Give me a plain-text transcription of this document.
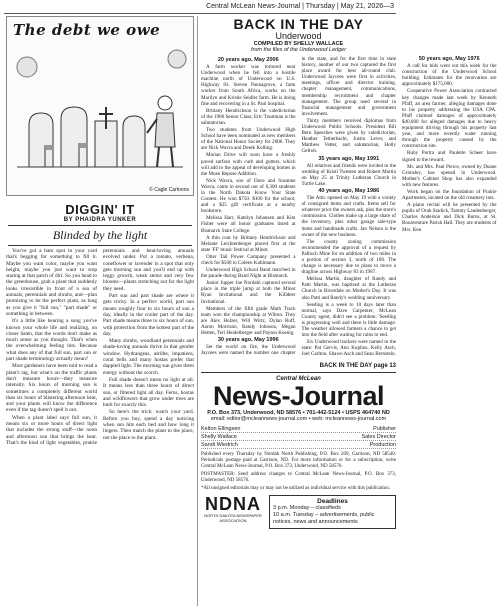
Central McLean News-Journal | Thursday | May 21, 2026—3
The debt we owe
© Cagle Cartoons
DIGGIN' IT
BY PHAIDRA YUNKER
Blinded by the light

You've got a bare spot in your yard that's begging for something to fill it. Maybe you want color, maybe you want height, maybe you just want to stop staring at that patch of dirt. So you head to the greenhouse, grab a plant that suddenly looks irresistible in front of a sea of annuals, perennials and shrubs, and—plan promising to be the perfect plant, as long as you give it "full sun," "part shade" or something in between.

It's a little like hearing a song you've known your whole life and realizing, on closer listen, that the words don't make as much sense as you thought. That's when the overwhelming feeling hits. Because what does any of that full sun, part sun or part shade terminology actually mean?

Most gardeners have been told to read a plant's tag, but what's on the traffic plants don't measure hours—they measure intensity. Six hours of morning sun is sometimes a completely different world than six hours of blistering afternoon heat, and your plants will know the difference even if the tag doesn't spell it out.

When a plant label says full sun, it means six or more hours of direct light that includes the strong stuff—the noon and afternoon sun that brings the heat. That's the kind of light vegetables, prairie perennials and heat-loving annuals evolved under. Put a tomato, verbena, coneflower or lavender in a spot that only gets morning sun and you'll end up with leggy growth, weak stems and very few blooms—plants stretching out for the light they need.

Part sun and part shade are where it gets tricky. In a perfect world, part sun means roughly four to six hours of sun a day, ideally in the cooler part of the day. Part shade means three to six hours of sun, with protection from the hottest part of the day.

Many shrubs, woodland perennials and shade-loving annuals thrive in that gentler window. Hydrangeas, astilbe, impatiens, coral bells and many hostas prefer that dappled light. The morning sun gives them energy without the scorch.

Full shade doesn't mean no light at all. It means less than three hours of direct sun, or filtered light all day. Ferns, hostas and wildflowers that grow under trees are built for exactly this.

So here's the trick: watch your yard. Before you buy, spend a day noticing when sun hits each bed and how long it lingers. Then match the plant to the place, not the place to the plant.

BACK IN THE DAY
Underwood
COMPILED BY SHELLY WALLACE
from the files of the Underwood Ledger
20 years ago, May 2006

A farm worker was tortured near Underwood when he fell into a hostile machine north of Underwood on U.S. Highway 83. Steven Pannagrove, a farm worker from South Africa, works on the Marilyn and Kristie Seidler farm. He is doing fine and recovering in a St. Paul hospital.

Brittany Hendrickson is the valedictorian of the 1986 Senior Class; Eric Trautman is the salutatorian.

Two students from Underwood High School have been nominated as new members of the National Honor Society for 2006. They are Nick Wavra and Derek Kolling.

Marian Drive will soon have a freshly paved surface with curb and gutters, which will add to the appeal of developing homes in the Moen Repose Addition.

Nick Wavra, son of Dave and Suzanne Wavra, came in second out of 6,300 students in the North Dakota Know Your State Contest. He won $750. $100 for the school, and a $25 gift certificate at a nearby bookstore.

Melissa Harr, Katelyn Johansen and Kim Fisher were all honor graduates listed at Bismarck State College.

A thin coat by Brittany Hendrickson and Melanie Leichtenberger placed first at the state 'FF' music festival at Minot.

Otter Tail Power Company presented a check for $500 to Coleen Kuhlmann.

Underwood High School Band marched in the parade during Band Night at Bismarck.

Junior Jupper Joe Nordahl captured second place in the triple jump at both the Minot Ryan Invitational and the Killdeer Invitational.

Members of the fifth grade Math Track team won the championship at Wilton. They are Alex Holzer, Will Wirtz, Dylan Ruff, Aaron Morrison, Randy Johnson, Megan Hetten, Teri Heidelberger and Payton Koenig.

30 years ago, May 1996

Set the world on fire, the Underwood Jaycees were named the number one chapter in the state, and for the first time in state history, another of our two captured the first place award for best all-round club. Underwood Jaycees were first in activities, meetings, officer and director training, chapter management, communications, membership recruitment and chapter management. The group used several in financial management and government involvement.

Thirty members received diplomas from Underwood Public Schools. President Bill Bern Speeches were given by valedictorian, Heather Tetherbacht, Justin Lever, and Matthew Vetter, and salutatorian, Holly Gefroh.

35 years ago, May 1991

All relatives and friends were invited to the wedding of Kristi Twesten and Robert Martin on May 25 at Trinity Lutheran Church in Turtle Lake.

40 years ago, May 1986

The Attic opened on May 19 with a variety of consigned items and crafts. Items sell for whatever price the owners ask, plus the store's commission. Clothes make up a large share of the inventory, plus other garage sale-type items and handmade crafts. Jan Nelson is the owner of the new business.

The county zoning commission recommended the approval of a request by Pallisch Mine for an addition of two miles in a portion of section 3, north of 180. The change is necessary due to plans to move a dragline across Highway 83 in 1987.

Melissa Martin, daughter of Randy and Patti Martin, was baptized at the Lutheran Church in Riverdale on Mother's Day. It was also Patti and Randy's wedding anniversary.

Seeding is a week to 10 days later than normal, says Dave Carpenter, McLean County agent, didn't see a problem. 'Seeding is progressing well and there is little damage. The weather allowed farmers a chance to get into the field after waiting for rains to end.

Six Underwood trackers were named to the state: Pat Gervis, Ann Koplins, Kelly Asch, Joel Carlton, Shawn Asch and Sean Bernstein.

50 years ago, May 1976

A call for bids went out this week for the construction of the Underwood School building. Estimates for the renovation are approximately $175,000.

Cooperative Power Association contracted key changes made last week by Kenneth Pfaff, an area farmer, alleging damages done to his property addressing the USA CPA. Pfaff claimed damages of approximately $40,000 for alleged damages due to heavy equipment driving through his property last year, and more recently water running through the property caused by the construction site.

Ruby Portra and Paulette Scheer have signed to the reward.

Mr. and Mrs. Paul Pierce, owned by Duane Grimsley, has opened in Underwood. Mother's Cabinet Shop has also expanded with new features.

Work began on the foundation of Prairie Apartments, located on the old creamery lots.

A piano recital will be presented by the pupils of Orah Stadick, Tammy Laudenberger, Charles Anderson and Dick Burns, at St. Bonaventure Parish Hall. They are students of Mrs. Ken

BACK IN THE DAY page 13
Central McLean
News-Journal
P.O. Box 373, Underwood, ND 58576 • 701-442-5124 • USPS 464740 ND
email: editor@mcleannews-journal.com • web: mcleannews-journal.com
Kelton Ellingsen	Publisher
Shelly Wallace	Sales Director
Sandi Wiedrich	Production

Published every Thursday by Nordak North Publishing, P.O. Box 209, Garrison, ND 58540. Periodicals postage paid at Garrison, ND. For more information or for a subscription, write Central McLean News-Journal, P.O. Box 373, Underwood, ND 58576.

POSTMASTER: Send address changes to Central McLean News-Journal, P.O. Box 373, Underwood, ND 58576.

*All unsigned editorials may or may not be utilized as individual service with this publication.

NDNA
NORTH DAKOTA NEWSPAPER ASSOCIATION
Deadlines
3 p.m. Monday – classifieds
10 a.m. Tuesday – advertisements, public notices, news and announcements
